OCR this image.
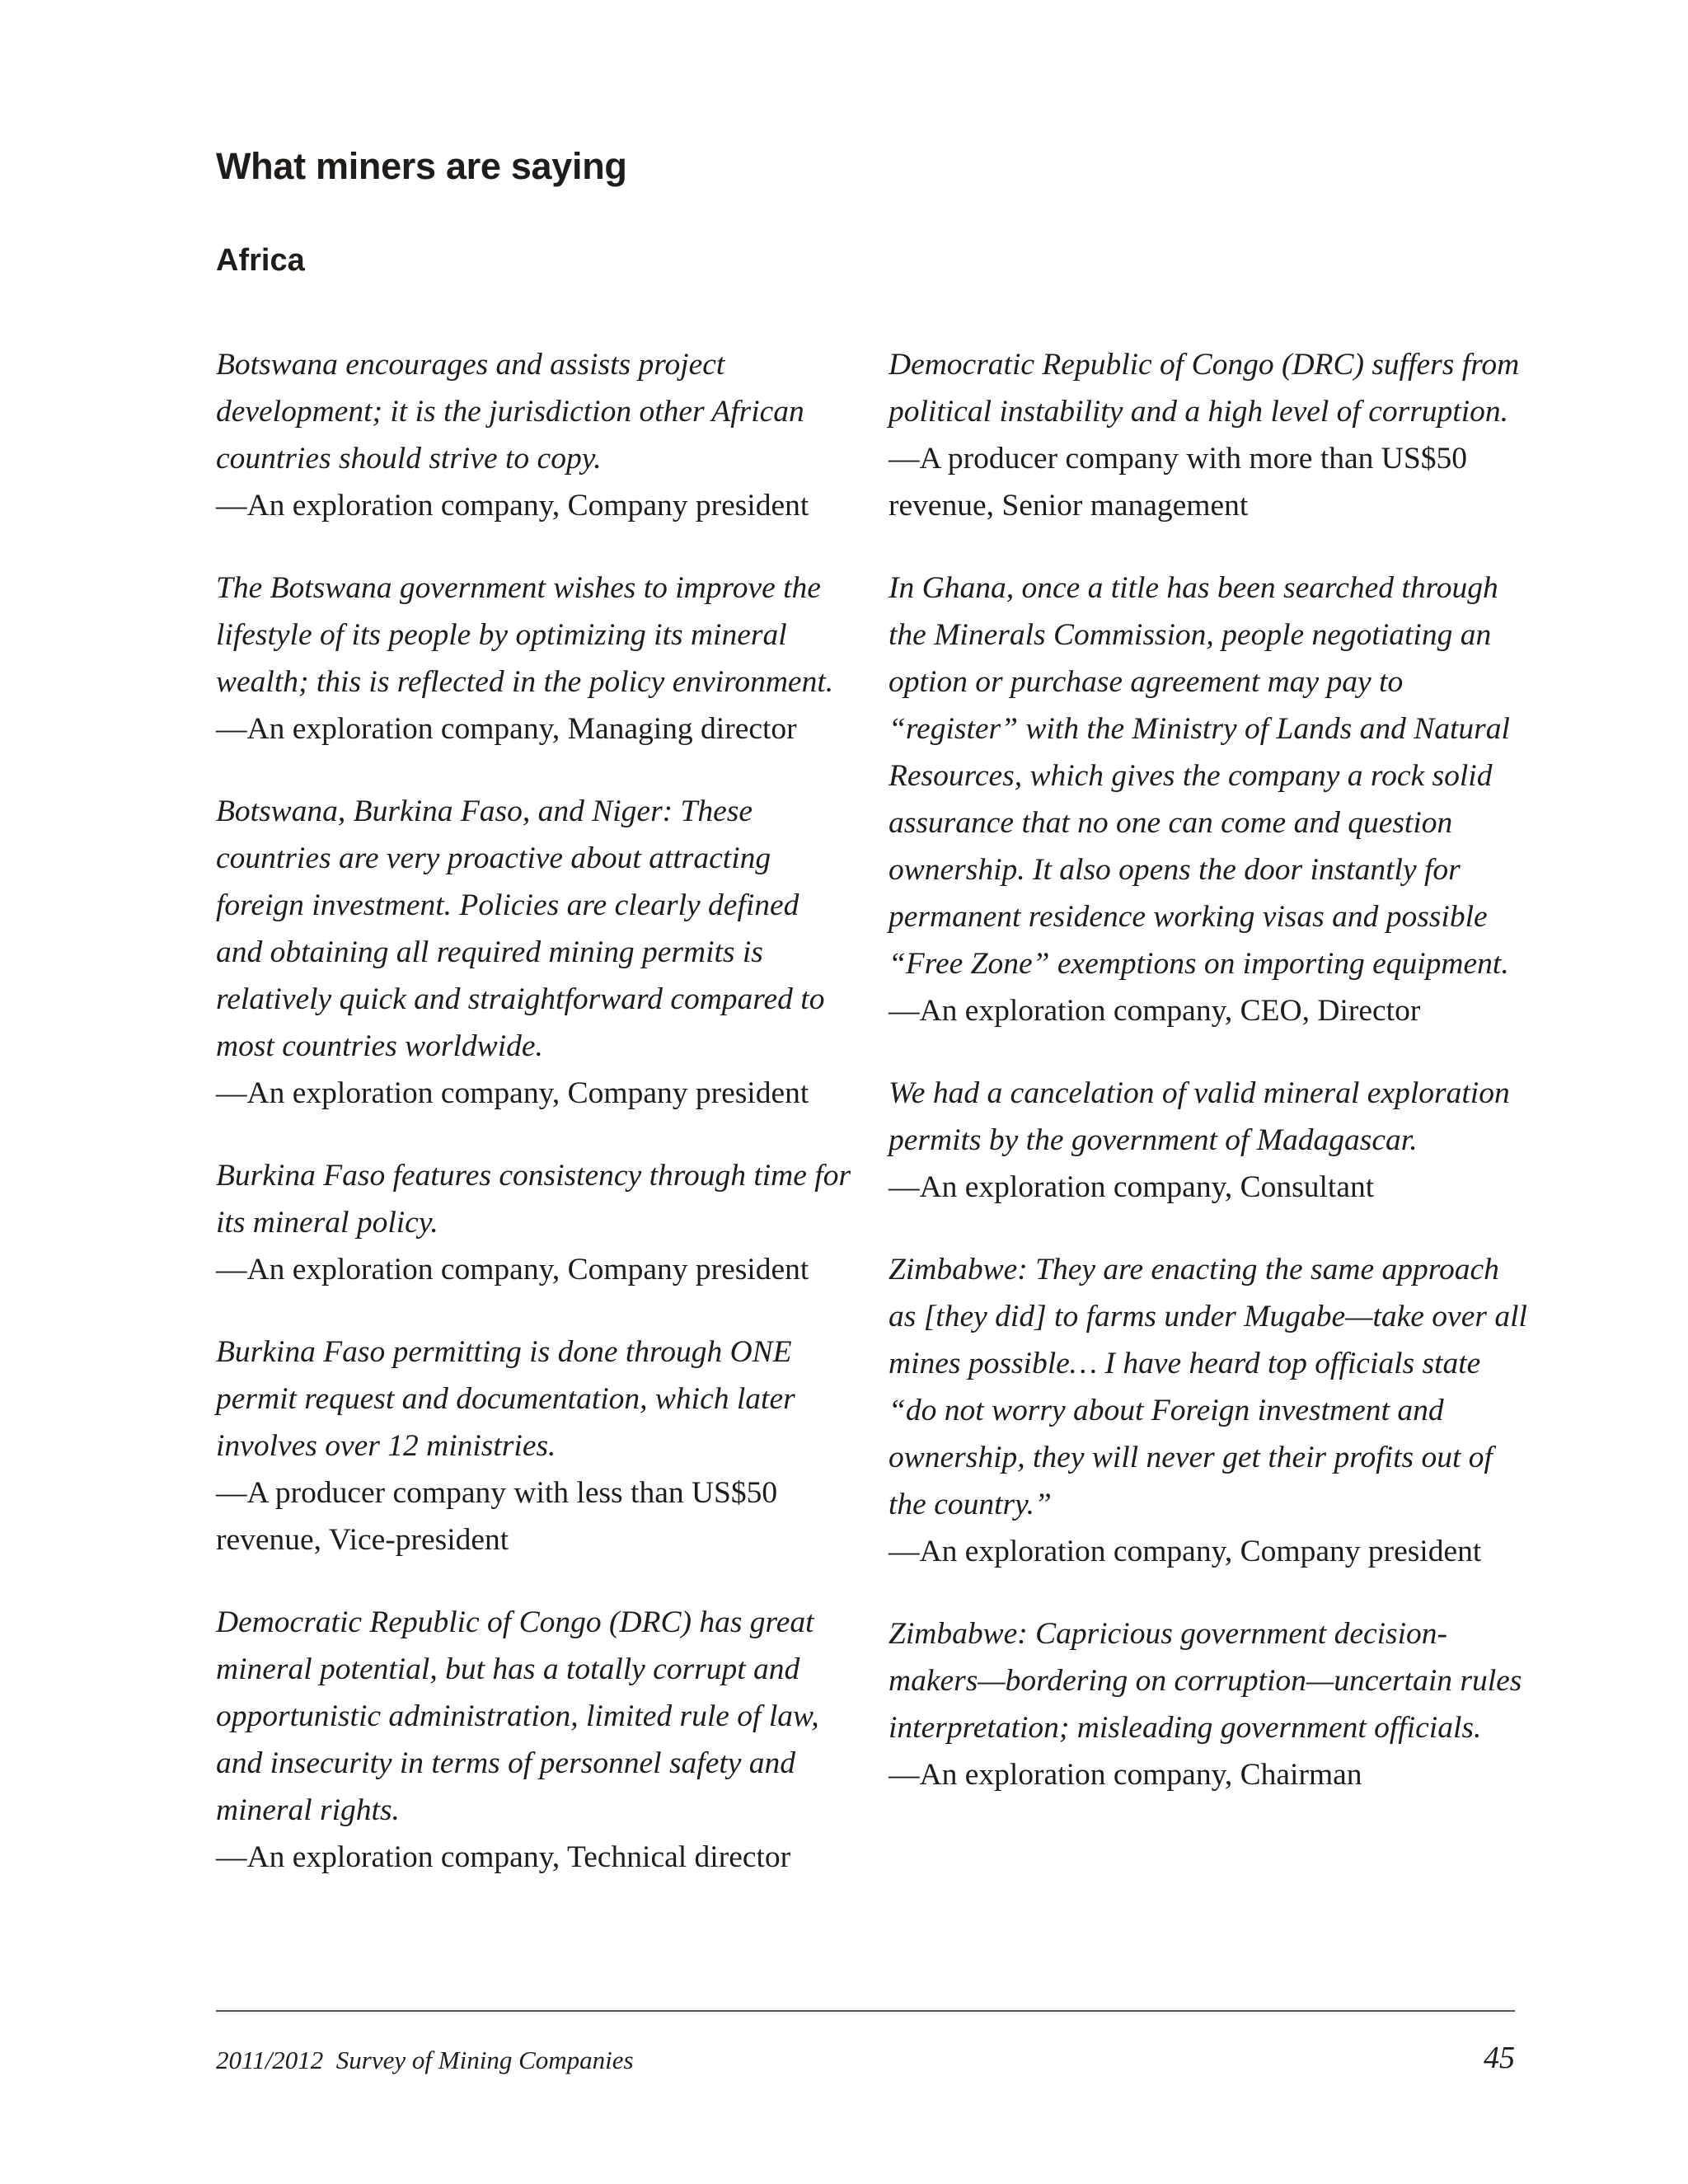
What miners are saying
Africa

Botswana encourages and assists project development; it is the jurisdiction other African countries should strive to copy.
—An exploration company, Company president

The Botswana government wishes to improve the lifestyle of its people by optimizing its mineral wealth; this is reflected in the policy environment.
—An exploration company, Managing director

Botswana, Burkina Faso, and Niger: These countries are very proactive about attracting foreign investment. Policies are clearly defined and obtaining all required mining permits is relatively quick and straightforward compared to most countries worldwide.
—An exploration company, Company president

Burkina Faso features consistency through time for its mineral policy.
—An exploration company, Company president

Burkina Faso permitting is done through ONE permit request and documentation, which later involves over 12 ministries.
—A producer company with less than US$50 revenue, Vice-president

Democratic Republic of Congo (DRC) has great mineral potential, but has a totally corrupt and opportunistic administration, limited rule of law, and insecurity in terms of personnel safety and mineral rights.
—An exploration company, Technical director

Democratic Republic of Congo (DRC) suffers from political instability and a high level of corruption.
—A producer company with more than US$50 revenue, Senior management

In Ghana, once a title has been searched through the Minerals Commission, people negotiating an option or purchase agreement may pay to “register” with the Ministry of Lands and Natural Resources, which gives the company a rock solid assurance that no one can come and question ownership. It also opens the door instantly for permanent residence working visas and possible “Free Zone” exemptions on importing equipment.
—An exploration company, CEO, Director

We had a cancelation of valid mineral exploration permits by the government of Madagascar.
—An exploration company, Consultant

Zimbabwe: They are enacting the same approach as [they did] to farms under Mugabe—take over all mines possible… I have heard top officials state “do not worry about Foreign investment and ownership, they will never get their profits out of the country.”
—An exploration company, Company president

Zimbabwe: Capricious government decision-makers—bordering on corruption—uncertain rules interpretation; misleading government officials.
—An exploration company, Chairman

2011/2012  Survey of Mining Companies	45
